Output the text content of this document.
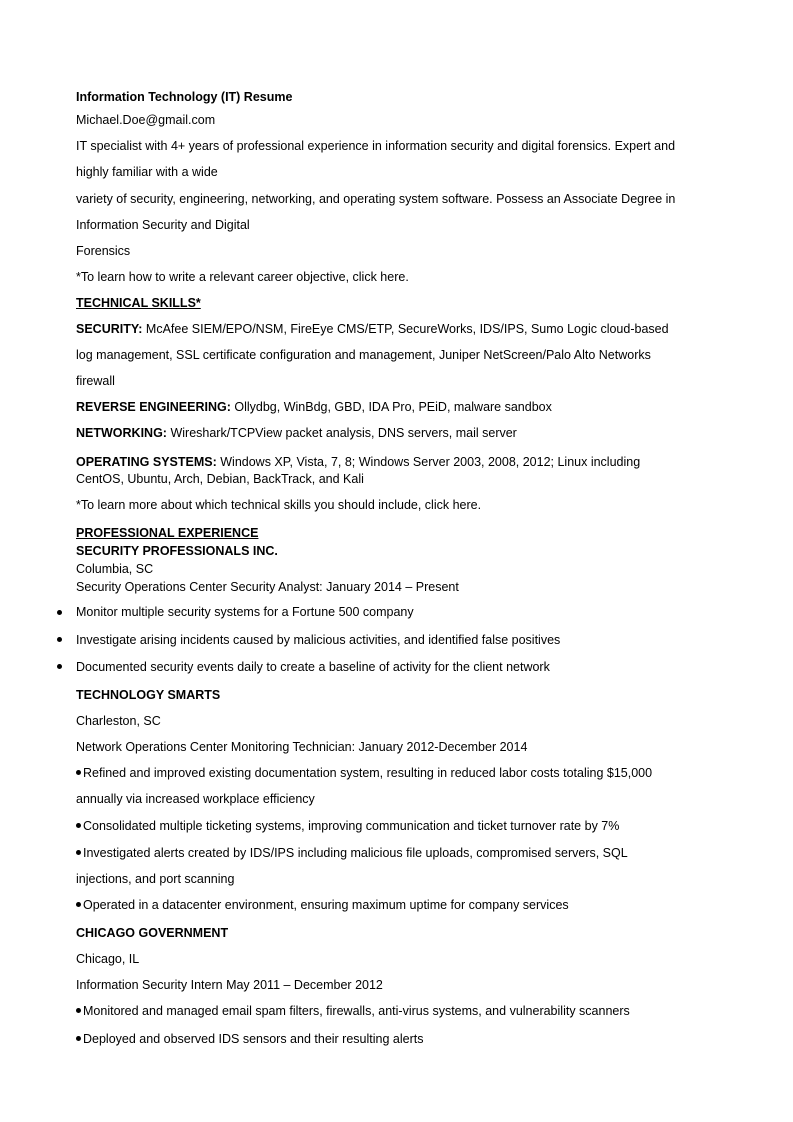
Information Technology (IT) Resume
Michael.Doe@gmail.com
IT specialist with 4+ years of professional experience in information security and digital forensics. Expert and
highly familiar with a wide
variety of security, engineering, networking, and operating system software. Possess an Associate Degree in
Information Security and Digital
Forensics
*To learn how to write a relevant career objective, click here.
TECHNICAL SKILLS*
SECURITY: McAfee SIEM/EPO/NSM, FireEye CMS/ETP, SecureWorks, IDS/IPS, Sumo Logic cloud-based
log management, SSL certificate configuration and management, Juniper NetScreen/Palo Alto Networks
firewall
REVERSE ENGINEERING: Ollydbg, WinBdg, GBD, IDA Pro, PEiD, malware sandbox
NETWORKING: Wireshark/TCPView packet analysis, DNS servers, mail server
OPERATING SYSTEMS: Windows XP, Vista, 7, 8; Windows Server 2003, 2008, 2012; Linux including
CentOS, Ubuntu, Arch, Debian, BackTrack, and Kali
*To learn more about which technical skills you should include, click here.
PROFESSIONAL EXPERIENCE
SECURITY PROFESSIONALS INC.
Columbia, SC
Security Operations Center Security Analyst: January 2014 – Present
Monitor multiple security systems for a Fortune 500 company
Investigate arising incidents caused by malicious activities, and identified false positives
Documented security events daily to create a baseline of activity for the client network
TECHNOLOGY SMARTS
Charleston, SC
Network Operations Center Monitoring Technician: January 2012-December 2014
Refined and improved existing documentation system, resulting in reduced labor costs totaling $15,000
annually via increased workplace efficiency
Consolidated multiple ticketing systems, improving communication and ticket turnover rate by 7%
Investigated alerts created by IDS/IPS including malicious file uploads, compromised servers, SQL
injections, and port scanning
Operated in a datacenter environment, ensuring maximum uptime for company services
CHICAGO GOVERNMENT
Chicago, IL
Information Security Intern May 2011 – December 2012
Monitored and managed email spam filters, firewalls, anti-virus systems, and vulnerability scanners
Deployed and observed IDS sensors and their resulting alerts
